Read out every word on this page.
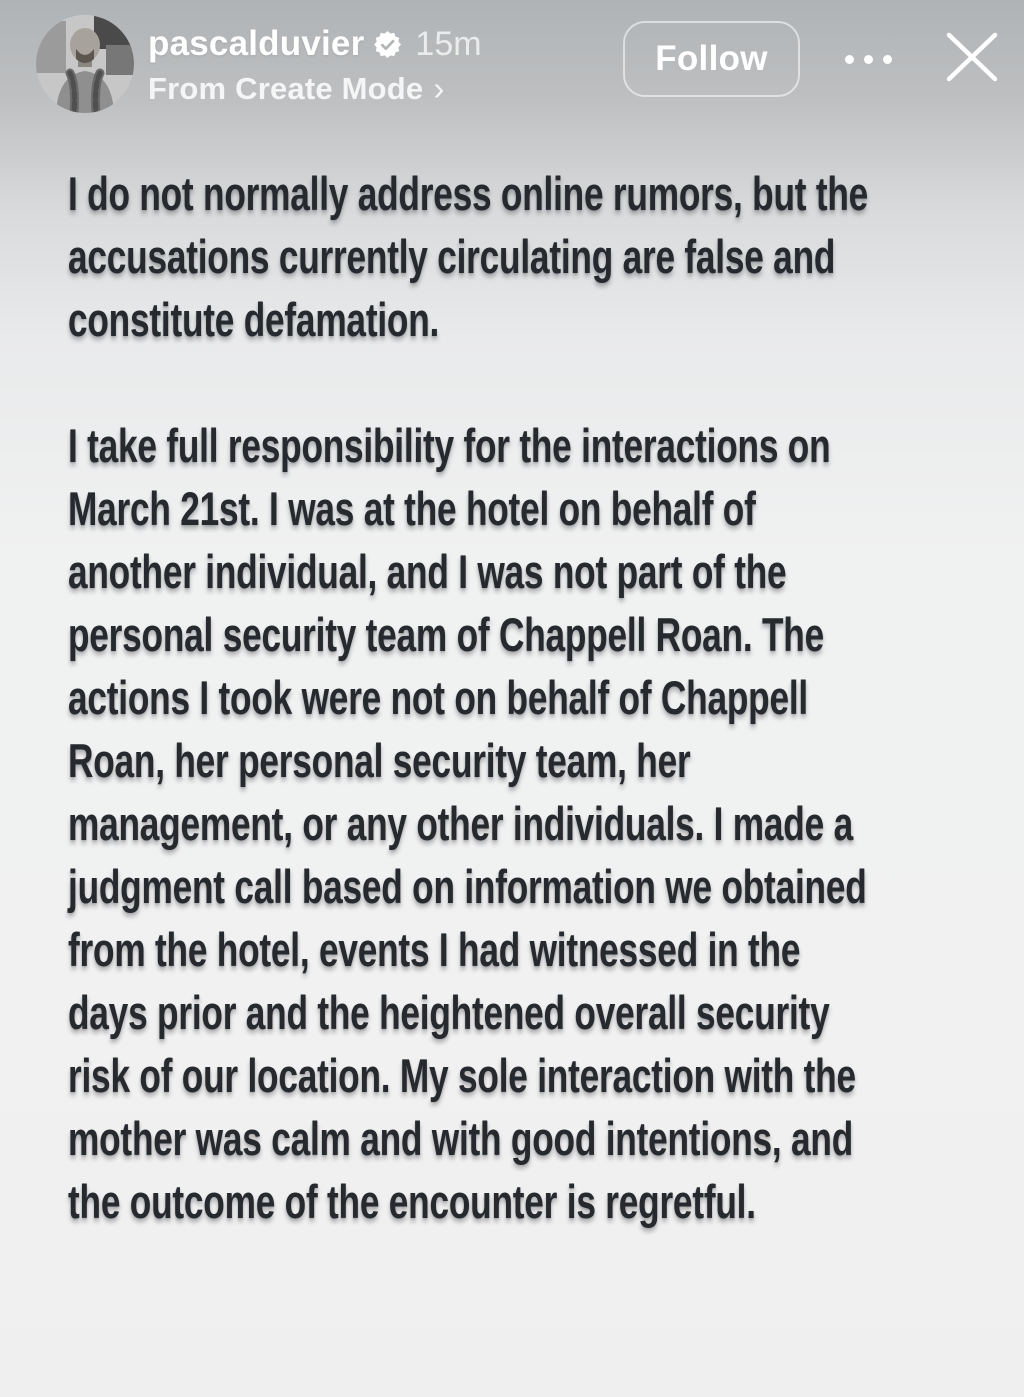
pascalduvier 15m
From Create Mode ›
Follow
I do not normally address online rumors, but the
accusations currently circulating are false and
constitute defamation.
I take full responsibility for the interactions on
March 21st. I was at the hotel on behalf of
another individual, and I was not part of the
personal security team of Chappell Roan. The
actions I took were not on behalf of Chappell
Roan, her personal security team, her
management, or any other individuals. I made a
judgment call based on information we obtained
from the hotel, events I had witnessed in the
days prior and the heightened overall security
risk of our location. My sole interaction with the
mother was calm and with good intentions, and
the outcome of the encounter is regretful.
